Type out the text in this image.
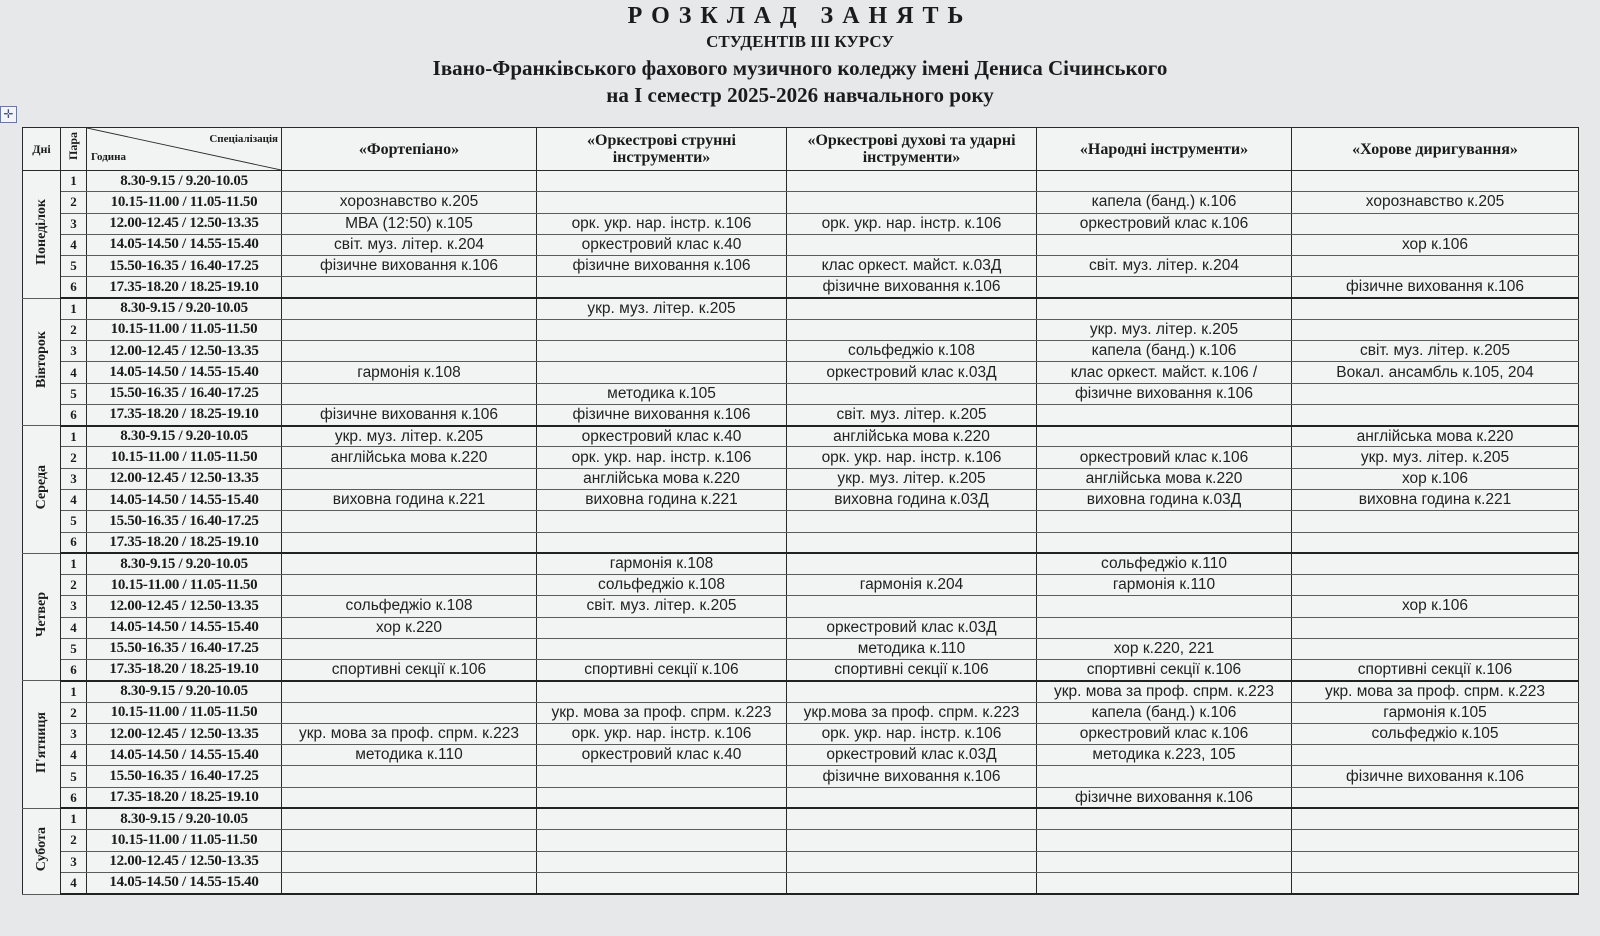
РОЗКЛАД ЗАНЯТЬ
СТУДЕНТІВ ІІІ КУРСУ
Івано-Франківського фахового музичного коледжу імені Дениса Січинського
на І семестр 2025-2026 навчального року
✛
Дні	Пара	Спеціалізація
Година	«Фортепіано»	«Оркестрові струнні інструменти»	«Оркестрові духові та ударні інструменти»	«Народні інструменти»	«Хорове диригування»
Понеділок	1	8.30-9.15 / 9.20-10.05					
	2	10.15-11.00 / 11.05-11.50	хорознавство к.205			капела (банд.) к.106	хорознавство к.205
	3	12.00-12.45 / 12.50-13.35	МВА (12:50) к.105	орк. укр. нар. інстр. к.106	орк. укр. нар. інстр. к.106	оркестровий клас к.106	
	4	14.05-14.50 / 14.55-15.40	світ. муз. літер. к.204	оркестровий клас к.40			хор к.106
	5	15.50-16.35 / 16.40-17.25	фізичне виховання к.106	фізичне виховання к.106	клас оркест. майст. к.03Д	світ. муз. літер. к.204	
	6	17.35-18.20 / 18.25-19.10			фізичне виховання к.106		фізичне виховання к.106
Вівторок	1	8.30-9.15 / 9.20-10.05		укр. муз. літер. к.205			
	2	10.15-11.00 / 11.05-11.50				укр. муз. літер. к.205	
	3	12.00-12.45 / 12.50-13.35			сольфеджіо к.108	капела (банд.) к.106	світ. муз. літер. к.205
	4	14.05-14.50 / 14.55-15.40	гармонія к.108		оркестровий клас к.03Д	клас оркест. майст. к.106 /	Вокал. ансамбль к.105, 204
	5	15.50-16.35 / 16.40-17.25		методика к.105		фізичне виховання к.106	
	6	17.35-18.20 / 18.25-19.10	фізичне виховання к.106	фізичне виховання к.106	світ. муз. літер. к.205		
Середа	1	8.30-9.15 / 9.20-10.05	укр. муз. літер. к.205	оркестровий клас к.40	англійська мова к.220		англійська мова к.220
	2	10.15-11.00 / 11.05-11.50	англійська мова к.220	орк. укр. нар. інстр. к.106	орк. укр. нар. інстр. к.106	оркестровий клас к.106	укр. муз. літер. к.205
	3	12.00-12.45 / 12.50-13.35		англійська мова к.220	укр. муз. літер. к.205	англійська мова к.220	хор к.106
	4	14.05-14.50 / 14.55-15.40	виховна година к.221	виховна година к.221	виховна година к.03Д	виховна година к.03Д	виховна година к.221
	5	15.50-16.35 / 16.40-17.25					
	6	17.35-18.20 / 18.25-19.10					
Четвер	1	8.30-9.15 / 9.20-10.05		гармонія к.108		сольфеджіо к.110	
	2	10.15-11.00 / 11.05-11.50		сольфеджіо к.108	гармонія к.204	гармонія к.110	
	3	12.00-12.45 / 12.50-13.35	сольфеджіо к.108	світ. муз. літер. к.205			хор к.106
	4	14.05-14.50 / 14.55-15.40	хор к.220		оркестровий клас к.03Д		
	5	15.50-16.35 / 16.40-17.25			методика к.110	хор к.220, 221	
	6	17.35-18.20 / 18.25-19.10	спортивні секції к.106	спортивні секції к.106	спортивні секції к.106	спортивні секції к.106	спортивні секції к.106
П'ятниця	1	8.30-9.15 / 9.20-10.05				укр. мова за проф. спрм. к.223	укр. мова за проф. спрм. к.223
	2	10.15-11.00 / 11.05-11.50		укр. мова за проф. спрм. к.223	укр.мова за проф. спрм. к.223	капела (банд.) к.106	гармонія к.105
	3	12.00-12.45 / 12.50-13.35	укр. мова за проф. спрм. к.223	орк. укр. нар. інстр. к.106	орк. укр. нар. інстр. к.106	оркестровий клас к.106	сольфеджіо к.105
	4	14.05-14.50 / 14.55-15.40	методика к.110	оркестровий клас к.40	оркестровий клас к.03Д	методика к.223, 105	
	5	15.50-16.35 / 16.40-17.25			фізичне виховання к.106		фізичне виховання к.106
	6	17.35-18.20 / 18.25-19.10				фізичне виховання к.106	
Субота	1	8.30-9.15 / 9.20-10.05					
	2	10.15-11.00 / 11.05-11.50					
	3	12.00-12.45 / 12.50-13.35					
	4	14.05-14.50 / 14.55-15.40					
